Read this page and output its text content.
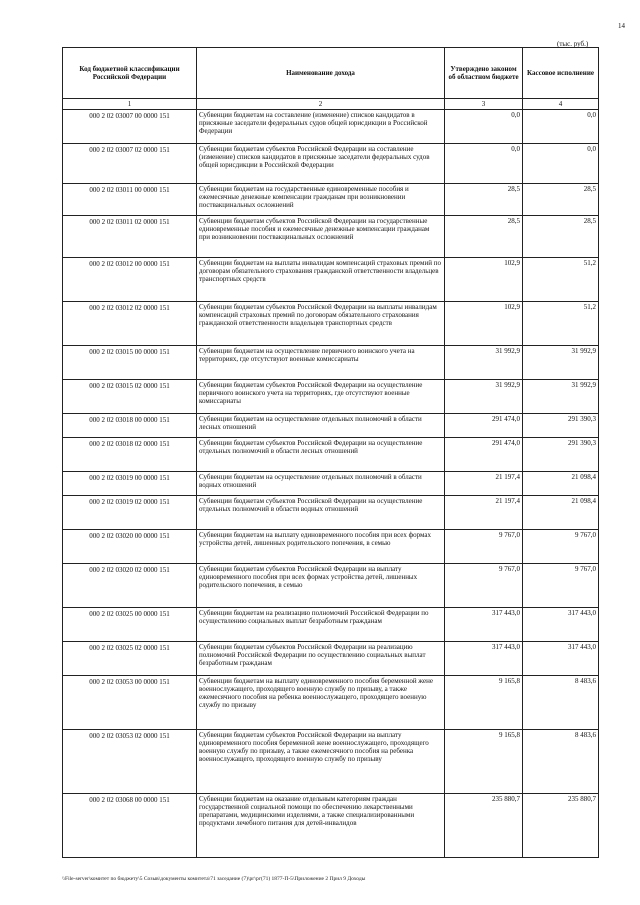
14
(тыс. руб.)
Код бюджетной классификации Российской Федерации	Наименование дохода	Утверждено законом об областном бюджете	Кассовое исполнение
1	2	3	4
000 2 02 03007 00 0000 151	Субвенции бюджетам на составление (изменение) списков кандидатов в присяжные заседатели федеральных судов общей юрисдикции в Российской Федерации	0,0	0,0
000 2 02 03007 02 0000 151	Субвенции бюджетам субъектов Российской Федерации на составление (изменение) списков кандидатов в присяжные заседатели федеральных судов общей юрисдикции в Российской Федерации	0,0	0,0
000 2 02 03011 00 0000 151	Субвенции бюджетам на государственные единовременные пособия и ежемесячные денежные компенсации гражданам при возникновении поствакцинальных осложнений	28,5	28,5
000 2 02 03011 02 0000 151	Субвенции бюджетам субъектов Российской Федерации на государственные единовременные пособия и ежемесячные денежные компенсации гражданам при возникновении поствакцинальных осложнений	28,5	28,5
000 2 02 03012 00 0000 151	Субвенции бюджетам на выплаты инвалидам компенсаций страховых премий по договорам обязательного страхования гражданской ответственности владельцев транспортных средств	102,9	51,2
000 2 02 03012 02 0000 151	Субвенции бюджетам субъектов Российской Федерации на выплаты инвалидам компенсаций страховых премий по договорам обязательного страхования гражданской ответственности владельцев транспортных средств	102,9	51,2
000 2 02 03015 00 0000 151	Субвенции бюджетам на осуществление первичного воинского учета на территориях, где отсутствуют военные комиссариаты	31 992,9	31 992,9
000 2 02 03015 02 0000 151	Субвенции бюджетам субъектов Российской Федерации на осуществление первичного воинского учета на территориях, где отсутствуют военные комиссариаты	31 992,9	31 992,9
000 2 02 03018 00 0000 151	Субвенции бюджетам на осуществление отдельных полномочий в области лесных отношений	291 474,0	291 390,3
000 2 02 03018 02 0000 151	Субвенции бюджетам субъектов Российской Федерации на осуществление отдельных полномочий в области лесных отношений	291 474,0	291 390,3
000 2 02 03019 00 0000 151	Субвенции бюджетам на осуществление отдельных полномочий в области водных отношений	21 197,4	21 098,4
000 2 02 03019 02 0000 151	Субвенции бюджетам субъектов Российской Федерации на осуществление отдельных полномочий в области водных отношений	21 197,4	21 098,4
000 2 02 03020 00 0000 151	Субвенции бюджетам на выплату единовременного пособия при всех формах устройства детей, лишенных родительского попечения, в семью	9 767,0	9 767,0
000 2 02 03020 02 0000 151	Субвенции бюджетам субъектов Российской Федерации на выплату единовременного пособия при всех формах устройства детей, лишенных родительского попечения, в семью	9 767,0	9 767,0
000 2 02 03025 00 0000 151	Субвенции бюджетам на реализацию полномочий Российской Федерации по осуществлению социальных выплат безработным гражданам	317 443,0	317 443,0
000 2 02 03025 02 0000 151	Субвенции бюджетам субъектов Российской Федерации на реализацию полномочий Российской Федерации по осуществлению социальных выплат безработным гражданам	317 443,0	317 443,0
000 2 02 03053 00 0000 151	Субвенции бюджетам на выплату единовременного пособия беременной жене военнослужащего, проходящего военную службу по призыву, а также ежемесячного пособия на ребенка военнослужащего, проходящего военную службу по призыву	9 165,8	8 483,6
000 2 02 03053 02 0000 151	Субвенции бюджетам субъектов Российской Федерации на выплату единовременного пособия беременной жене военнослужащего, проходящего военную службу по призыву, а также ежемесячного пособия на ребенка военнослужащего, проходящего военную службу по призыву	9 165,8	8 483,6
000 2 02 03068 00 0000 151	Субвенции бюджетам на оказание отдельным категориям граждан государственной социальной помощи по обеспечению лекарственными препаратами, медицинскими изделиями, а также специализированными продуктами лечебного питания для детей-инвалидов	235 880,7	235 880,7
\\File-server\комитет по бюджету\5 Созыв\документы комитета\71 заседание (7)\рг\рг(71) 1877-П-5\Приложение 2 Прил 9 Доходы
